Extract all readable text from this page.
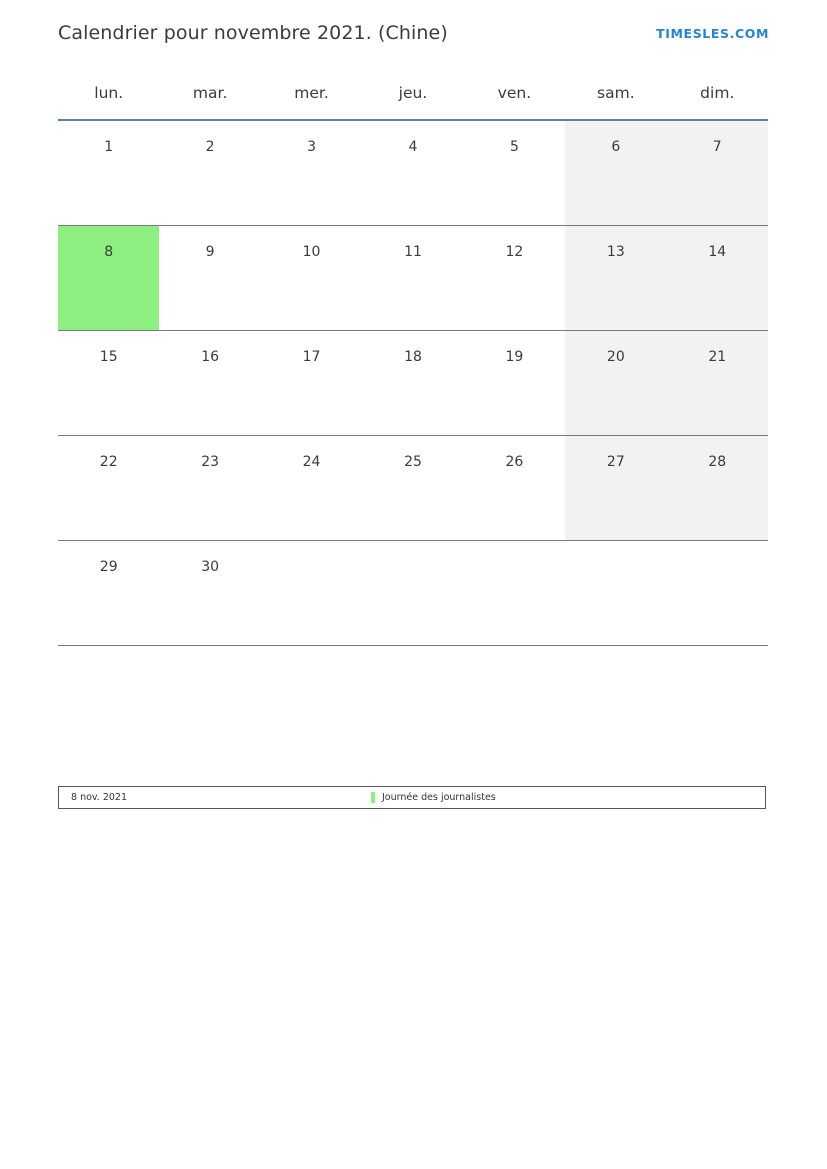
Calendrier pour novembre 2021. (Chine)	TIMESLES.COM
lun.	mar.	mer.	jeu.	ven.	sam.	dim.

1	2	3	4	5	6	7

8	9	10	11	12	13	14

15	16	17	18	19	20	21

22	23	24	25	26	27	28

29	30					

8 nov. 2021	Journée des journalistes
